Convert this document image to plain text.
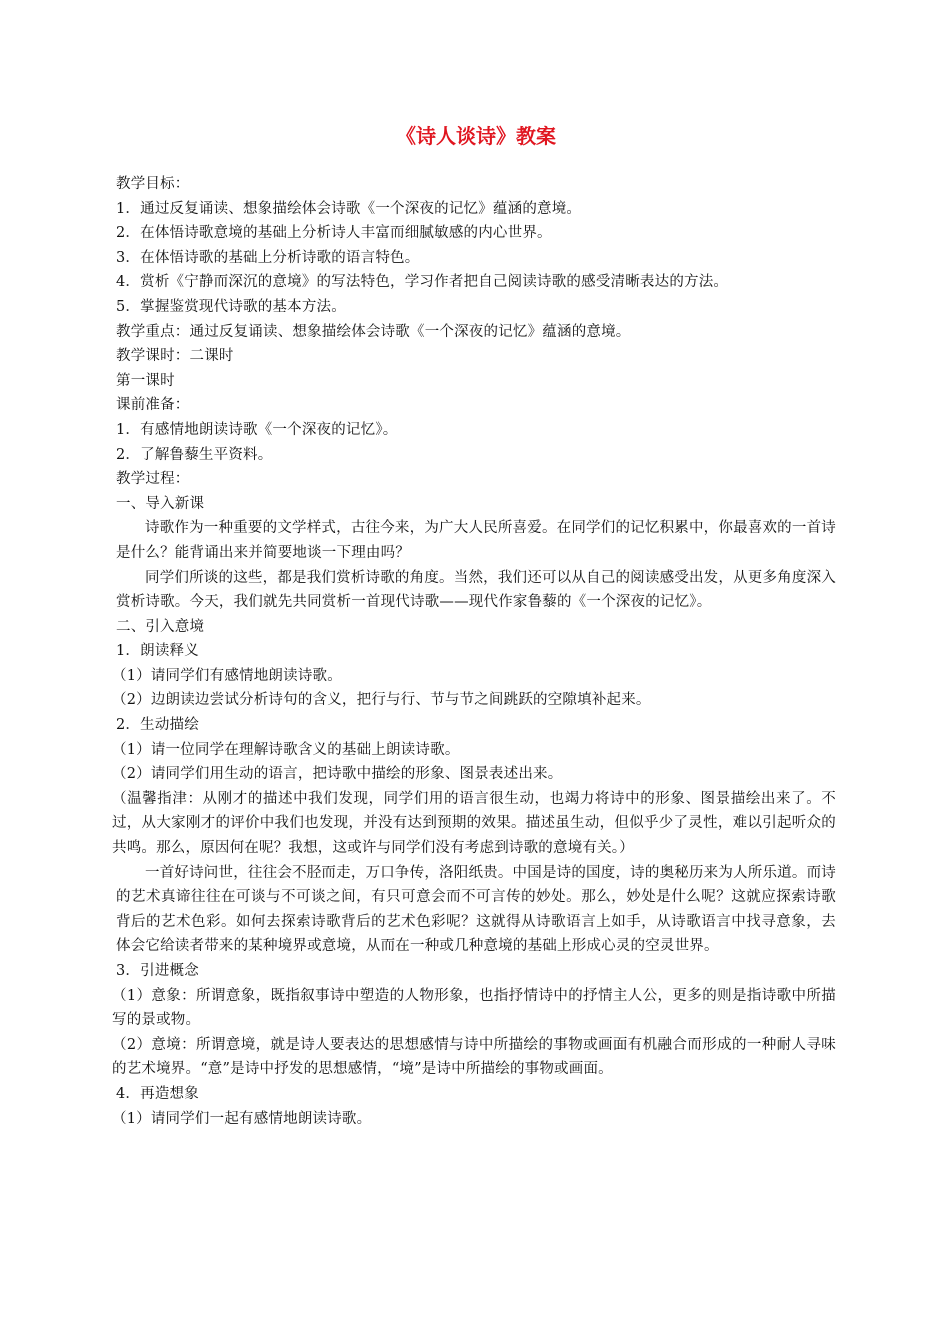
《诗人谈诗》教案

教学目标：

1．通过反复诵读、想象描绘体会诗歌《一个深夜的记忆》蕴涵的意境。

2．在体悟诗歌意境的基础上分析诗人丰富而细腻敏感的内心世界。

3．在体悟诗歌的基础上分析诗歌的语言特色。

4．赏析《宁静而深沉的意境》的写法特色，学习作者把自己阅读诗歌的感受清晰表达的方法。

5．掌握鉴赏现代诗歌的基本方法。

教学重点：通过反复诵读、想象描绘体会诗歌《一个深夜的记忆》蕴涵的意境。

教学课时：二课时

第一课时

课前准备：

1．有感情地朗读诗歌《一个深夜的记忆》。

2．了解鲁藜生平资料。

教学过程：

一、导入新课

诗歌作为一种重要的文学样式，古往今来，为广大人民所喜爱。在同学们的记忆积累中，你最喜欢的一首诗是什么？能背诵出来并简要地谈一下理由吗？

同学们所谈的这些，都是我们赏析诗歌的角度。当然，我们还可以从自己的阅读感受出发，从更多角度深入赏析诗歌。今天，我们就先共同赏析一首现代诗歌——现代作家鲁藜的《一个深夜的记忆》。

二、引入意境

1．朗读释义

（1）请同学们有感情地朗读诗歌。

（2）边朗读边尝试分析诗句的含义，把行与行、节与节之间跳跃的空隙填补起来。

2．生动描绘

（1）请一位同学在理解诗歌含义的基础上朗读诗歌。

（2）请同学们用生动的语言，把诗歌中描绘的形象、图景表述出来。

（温馨指津：从刚才的描述中我们发现，同学们用的语言很生动，也竭力将诗中的形象、图景描绘出来了。不过，从大家刚才的评价中我们也发现，并没有达到预期的效果。描述虽生动，但似乎少了灵性，难以引起听众的共鸣。那么，原因何在呢？我想，这或许与同学们没有考虑到诗歌的意境有关。）

一首好诗问世，往往会不胫而走，万口争传，洛阳纸贵。中国是诗的国度，诗的奥秘历来为人所乐道。而诗的艺术真谛往往在可谈与不可谈之间，有只可意会而不可言传的妙处。那么，妙处是什么呢？这就应探索诗歌背后的艺术色彩。如何去探索诗歌背后的艺术色彩呢？这就得从诗歌语言上如手，从诗歌语言中找寻意象，去体会它给读者带来的某种境界或意境，从而在一种或几种意境的基础上形成心灵的空灵世界。

3．引进概念

（1）意象：所谓意象，既指叙事诗中塑造的人物形象，也指抒情诗中的抒情主人公，更多的则是指诗歌中所描写的景或物。

（2）意境：所谓意境，就是诗人要表达的思想感情与诗中所描绘的事物或画面有机融合而形成的一种耐人寻味的艺术境界。“意”是诗中抒发的思想感情，“境”是诗中所描绘的事物或画面。

4．再造想象

（1）请同学们一起有感情地朗读诗歌。
